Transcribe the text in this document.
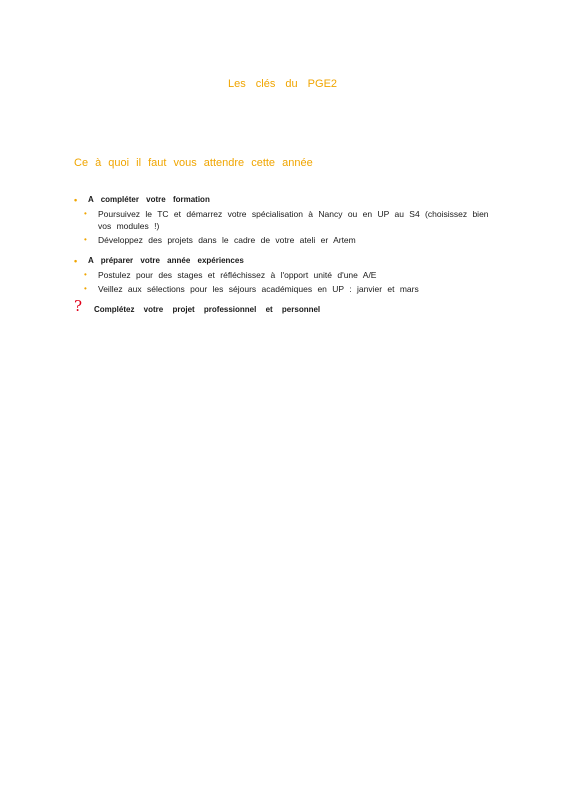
Les clés du PGE2
Ce à quoi il faut vous attendre cette année
• A compléter votre formation
• Poursuivez le TC et démarrez votre spécialisation à Nancy ou en UP au S4 (choisissez bien vos modules !)
• Développez des projets dans le cadre de votre ateli er Artem
• A préparer votre année expériences
• Postulez pour des stages et réfléchissez à l'opport unité d'une A/E
• Veillez aux sélections pour les séjours académiques en UP : janvier et mars
? Complétez votre projet professionnel et personnel
